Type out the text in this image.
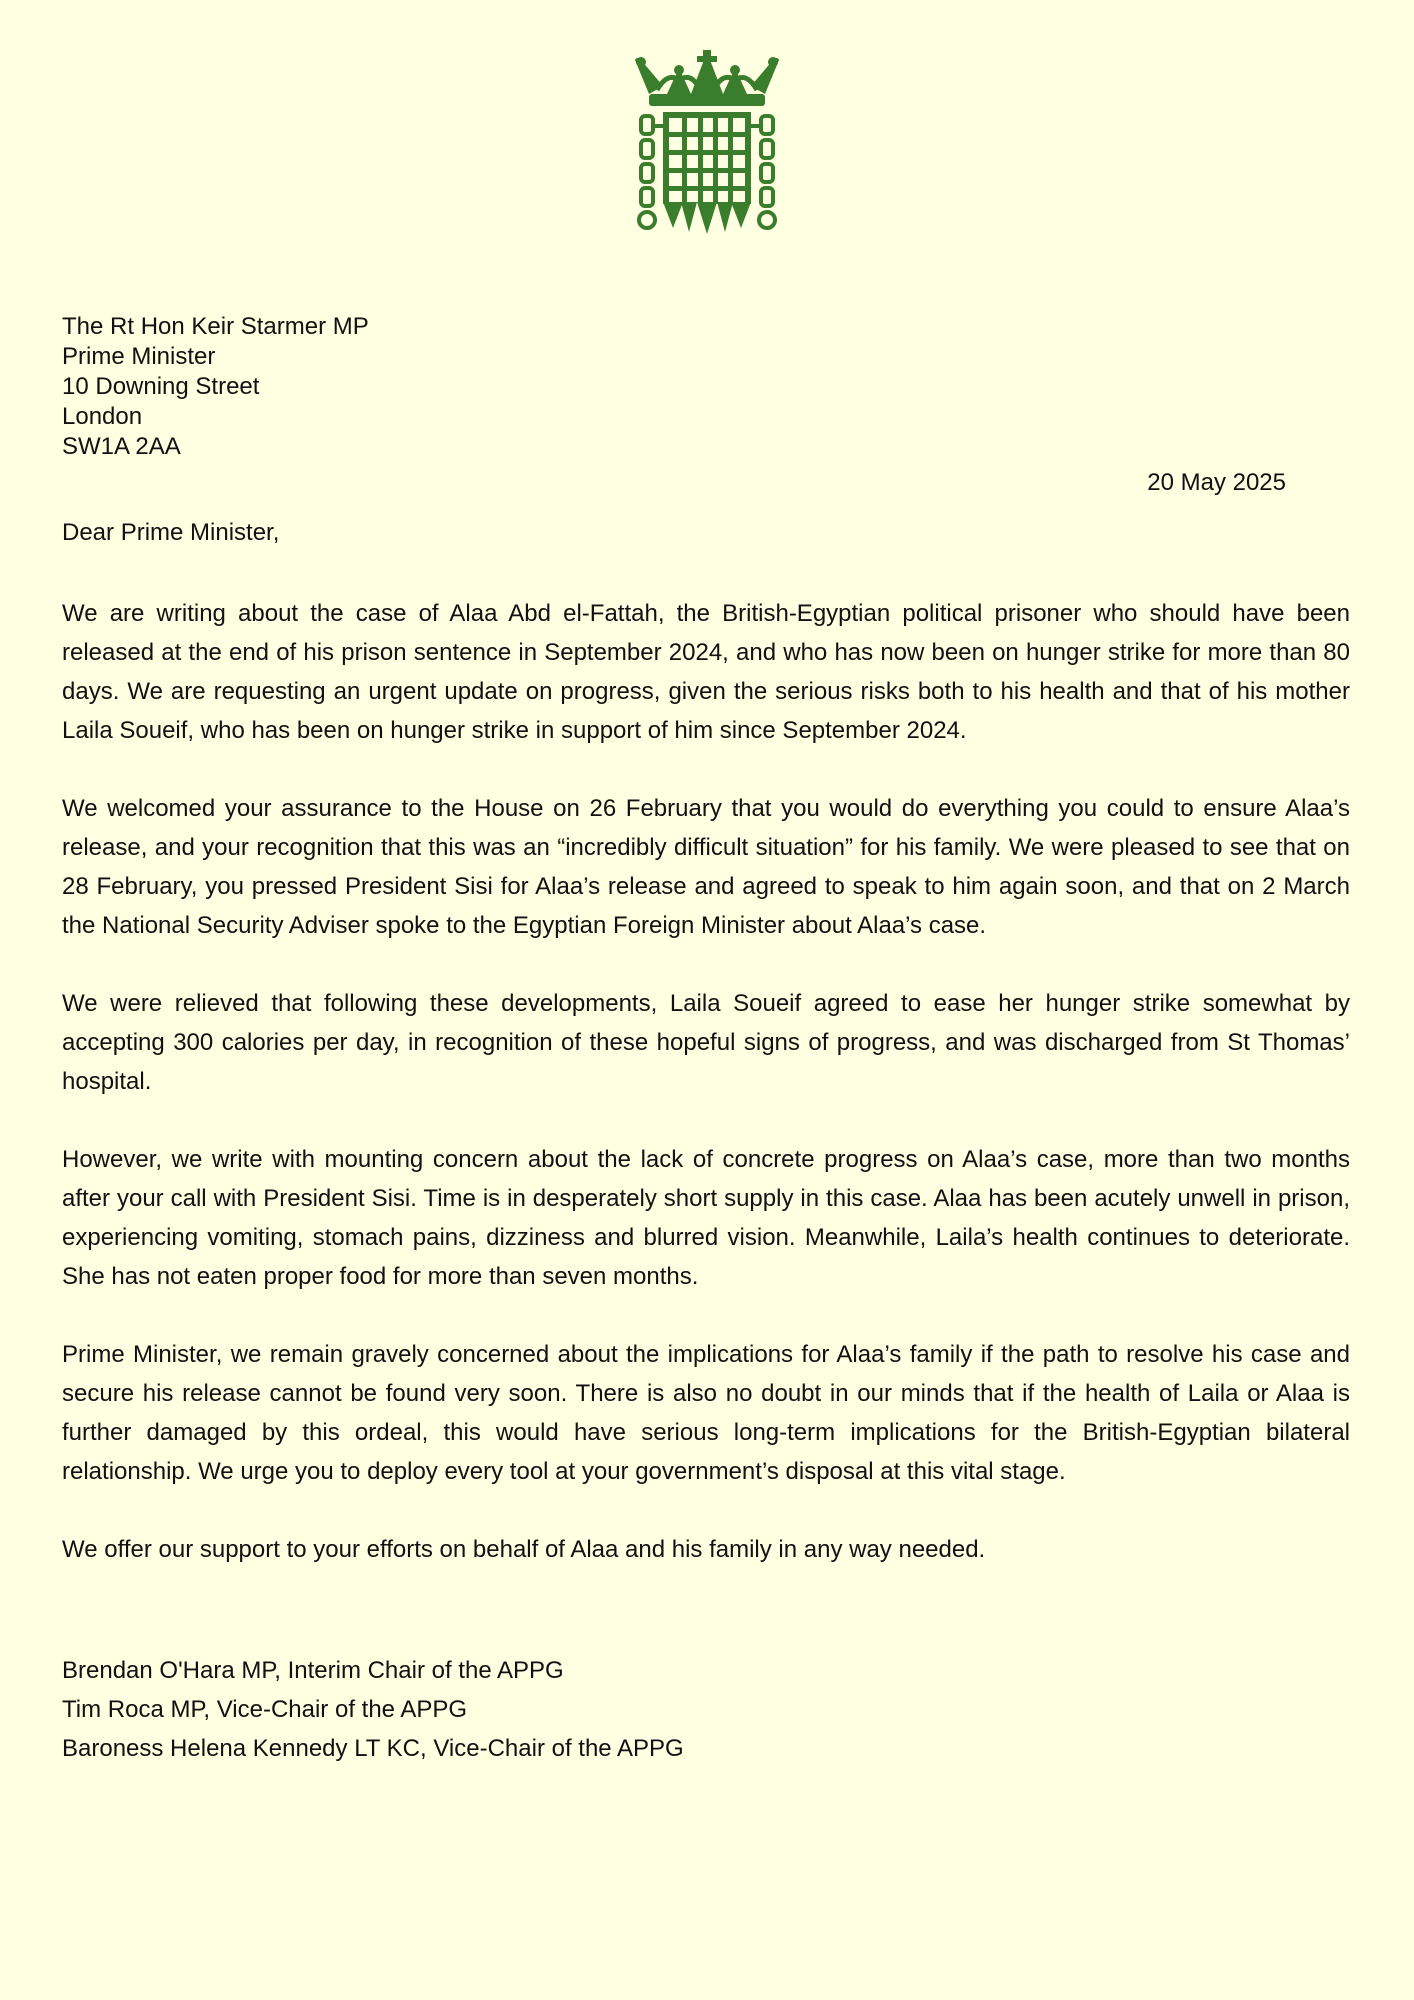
The Rt Hon Keir Starmer MP
Prime Minister
10 Downing Street
London
SW1A 2AA
20 May 2025
Dear Prime Minister,

We are writing about the case of Alaa Abd el-Fattah, the British-Egyptian political prisoner who should have been released at the end of his prison sentence in September 2024, and who has now been on hunger strike for more than 80 days. We are requesting an urgent update on progress, given the serious risks both to his health and that of his mother Laila Soueif, who has been on hunger strike in support of him since September 2024.

We welcomed your assurance to the House on 26 February that you would do everything you could to ensure Alaa’s release, and your recognition that this was an “incredibly difficult situation” for his family. We were pleased to see that on 28 February, you pressed President Sisi for Alaa’s release and agreed to speak to him again soon, and that on 2 March the National Security Adviser spoke to the Egyptian Foreign Minister about Alaa’s case.

We were relieved that following these developments, Laila Soueif agreed to ease her hunger strike somewhat by accepting 300 calories per day, in recognition of these hopeful signs of progress, and was discharged from St Thomas’ hospital.

However, we write with mounting concern about the lack of concrete progress on Alaa’s case, more than two months after your call with President Sisi. Time is in desperately short supply in this case. Alaa has been acutely unwell in prison, experiencing vomiting, stomach pains, dizziness and blurred vision. Meanwhile, Laila’s health continues to deteriorate. She has not eaten proper food for more than seven months.

Prime Minister, we remain gravely concerned about the implications for Alaa’s family if the path to resolve his case and secure his release cannot be found very soon. There is also no doubt in our minds that if the health of Laila or Alaa is further damaged by this ordeal, this would have serious long-term implications for the British-Egyptian bilateral relationship. We urge you to deploy every tool at your government’s disposal at this vital stage.

We offer our support to your efforts on behalf of Alaa and his family in any way needed.

Brendan O'Hara MP, Interim Chair of the APPG
Tim Roca MP, Vice-Chair of the APPG
Baroness Helena Kennedy LT KC, Vice-Chair of the APPG
